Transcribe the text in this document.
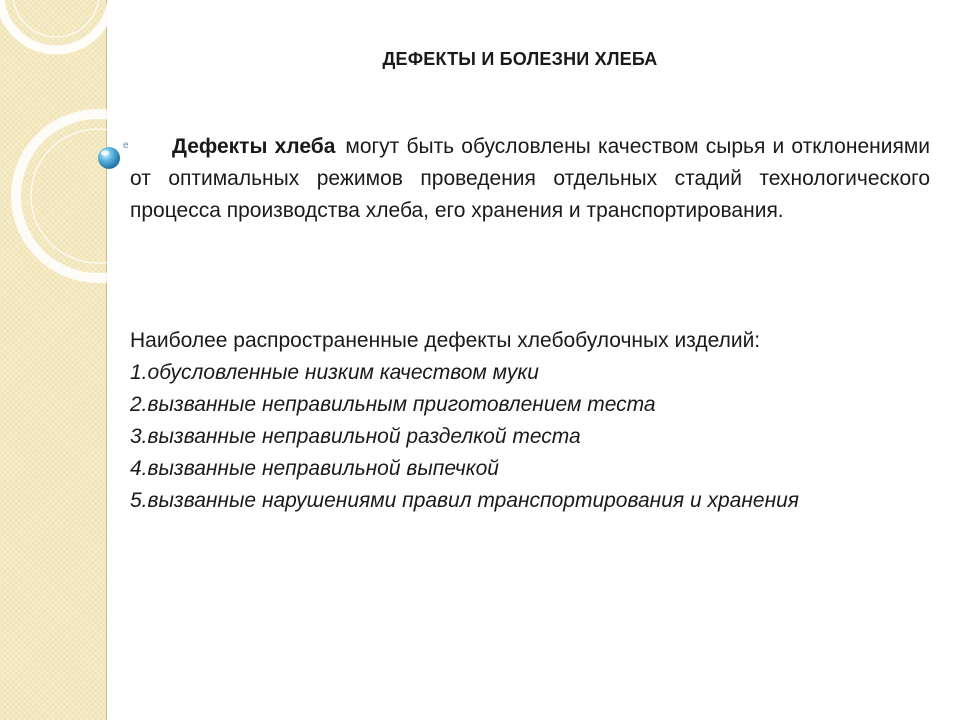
ДЕФЕКТЫ И БОЛЕЗНИ ХЛЕБА
e	Дефекты хлеба могут быть обусловлены качеством сырья и отклонениями от оптимальных режимов проведения отдельных стадий технологического процесса производства хлеба, его хранения и транспортирования.

Наиболее распространенные дефекты хлебобулочных изделий:

1.обусловленные низким качеством муки
2.вызванные неправильным приготовлением теста
3.вызванные неправильной разделкой теста
4.вызванные неправильной выпечкой
5.вызванные нарушениями правил транспортирования и хранения
